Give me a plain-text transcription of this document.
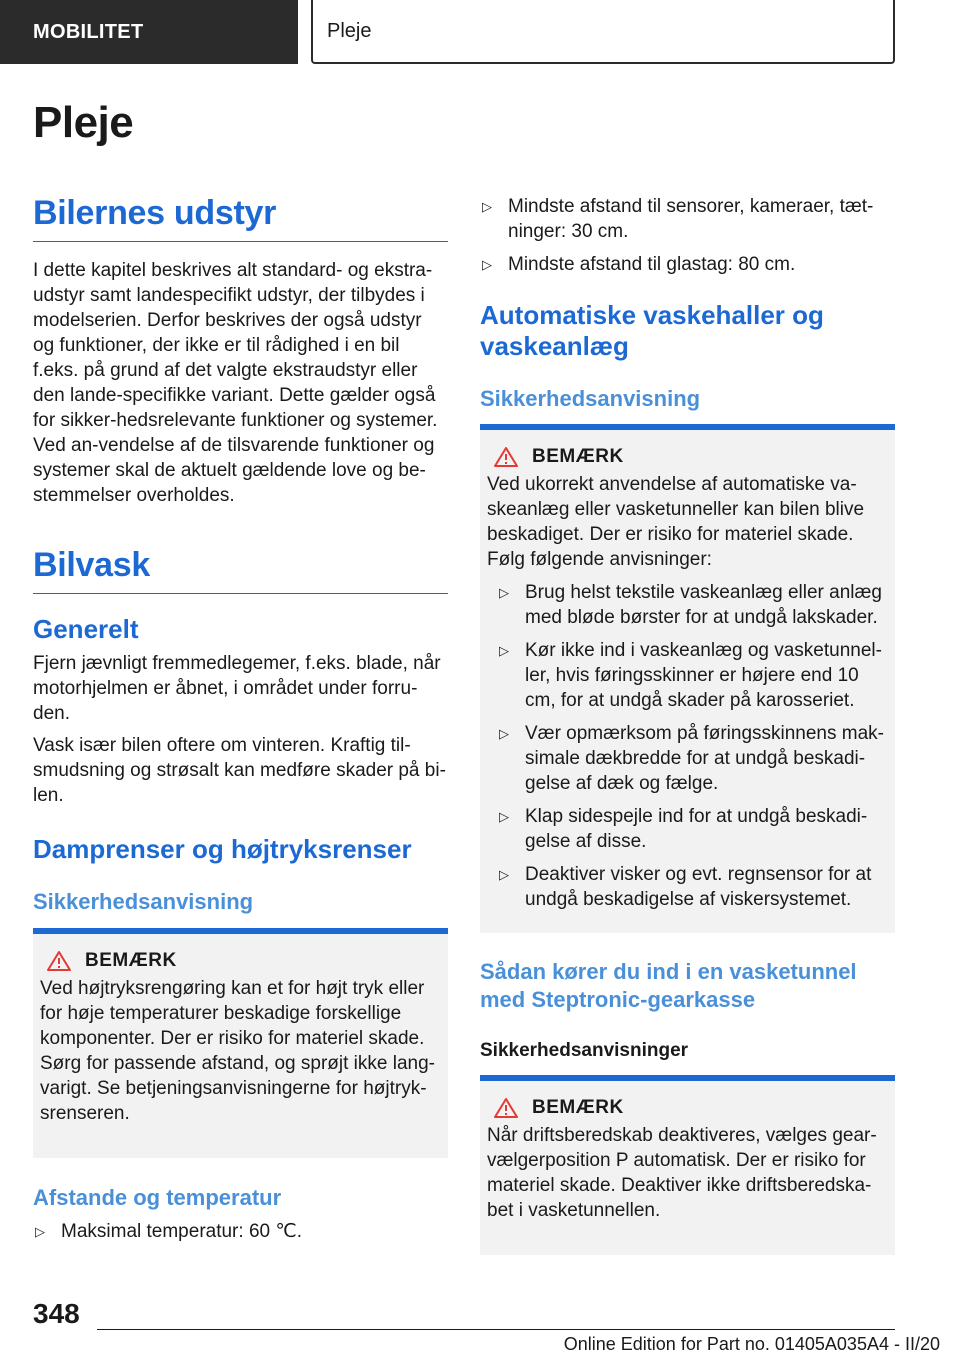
MOBILITET	Pleje
Pleje
Bilernes udstyr

I dette kapitel beskrives alt standard- og ekstra-udstyr samt landespecifikt udstyr, der tilbydes i modelserien. Derfor beskrives der også udstyr og funktioner, der ikke er til rådighed i en bil f.eks. på grund af det valgte ekstraudstyr eller den lande-specifikke variant. Dette gælder også for sikker-hedsrelevante funktioner og systemer. Ved an-vendelse af de tilsvarende funktioner og systemer skal de aktuelt gældende love og be-stemmelser overholdes.

Bilvask
Generelt

Fjern jævnligt fremmedlegemer, f.eks. blade, når motorhjelmen er åbnet, i området under forru-den.

Vask især bilen oftere om vinteren. Kraftig til-smudsning og strøsalt kan medføre skader på bi-len.

Damprenser og højtryksrenser
Sikkerhedsanvisning
BEMÆRK

Ved højtryksrengøring kan et for højt tryk eller for høje temperaturer beskadige forskellige komponenter. Der er risiko for materiel skade. Sørg for passende afstand, og sprøjt ikke lang-varigt. Se betjeningsanvisningerne for højtryk-srenseren.

Afstande og temperatur
▷ Maksimal temperatur: 60 ℃.
▷ Mindste afstand til sensorer, kameraer, tæt-ninger: 30 cm.
▷ Mindste afstand til glastag: 80 cm.
Automatiske vaskehaller og vaskeanlæg
Sikkerhedsanvisning
BEMÆRK

Ved ukorrekt anvendelse af automatiske va-skeanlæg eller vasketunneller kan bilen blive beskadiget. Der er risiko for materiel skade. Følg følgende anvisninger:

▷ Brug helst tekstile vaskeanlæg eller anlæg med bløde børster for at undgå lakskader.
▷ Kør ikke ind i vaskeanlæg og vasketunnel-ler, hvis føringsskinner er højere end 10 cm, for at undgå skader på karosseriet.
▷ Vær opmærksom på føringsskinnens mak-simale dækbredde for at undgå beskadi-gelse af dæk og fælge.
▷ Klap sidespejle ind for at undgå beskadi-gelse af disse.
▷ Deaktiver visker og evt. regnsensor for at undgå beskadigelse af viskersystemet.
Sådan kører du ind i en vasketunnel med Steptronic-gearkasse
Sikkerhedsanvisninger
BEMÆRK

Når driftsberedskab deaktiveres, vælges gear-vælgerposition P automatisk. Der er risiko for materiel skade. Deaktiver ikke driftsberedska-bet i vasketunnellen.

348
Online Edition for Part no. 01405A035A4 - II/20
